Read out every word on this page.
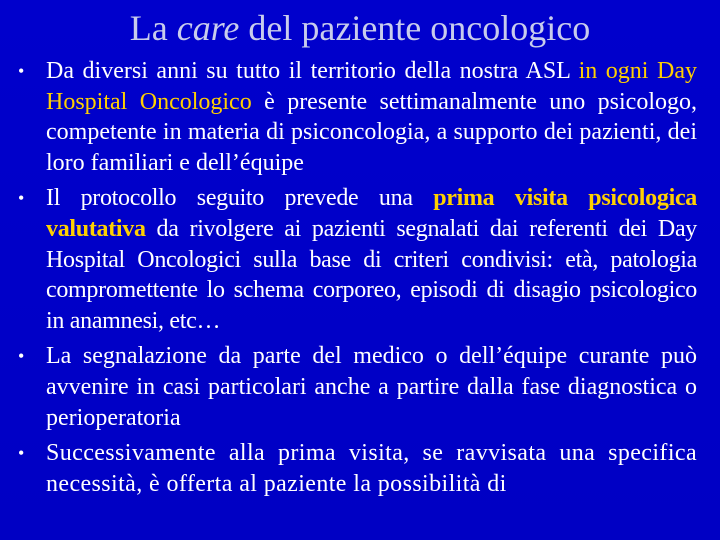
La care del paziente oncologico
• Da diversi anni su tutto il territorio della nostra ASL in ogni Day Hospital Oncologico è presente settimanalmente uno psicologo, competente in materia di psiconcologia, a supporto dei pazienti, dei loro familiari e dell’équipe
• Il protocollo seguito prevede una prima visita psicologica valutativa da rivolgere ai pazienti segnalati dai referenti dei Day Hospital Oncologici sulla base di criteri condivisi: età, patologia compromettente lo schema corporeo, episodi di disagio psicologico in anamnesi, etc…
• La segnalazione da parte del medico o dell’équipe curante può avvenire in casi particolari anche a partire dalla fase diagnostica o perioperatoria
• Successivamente alla prima visita, se ravvisata una specifica necessità, è offerta al paziente la possibilità di
